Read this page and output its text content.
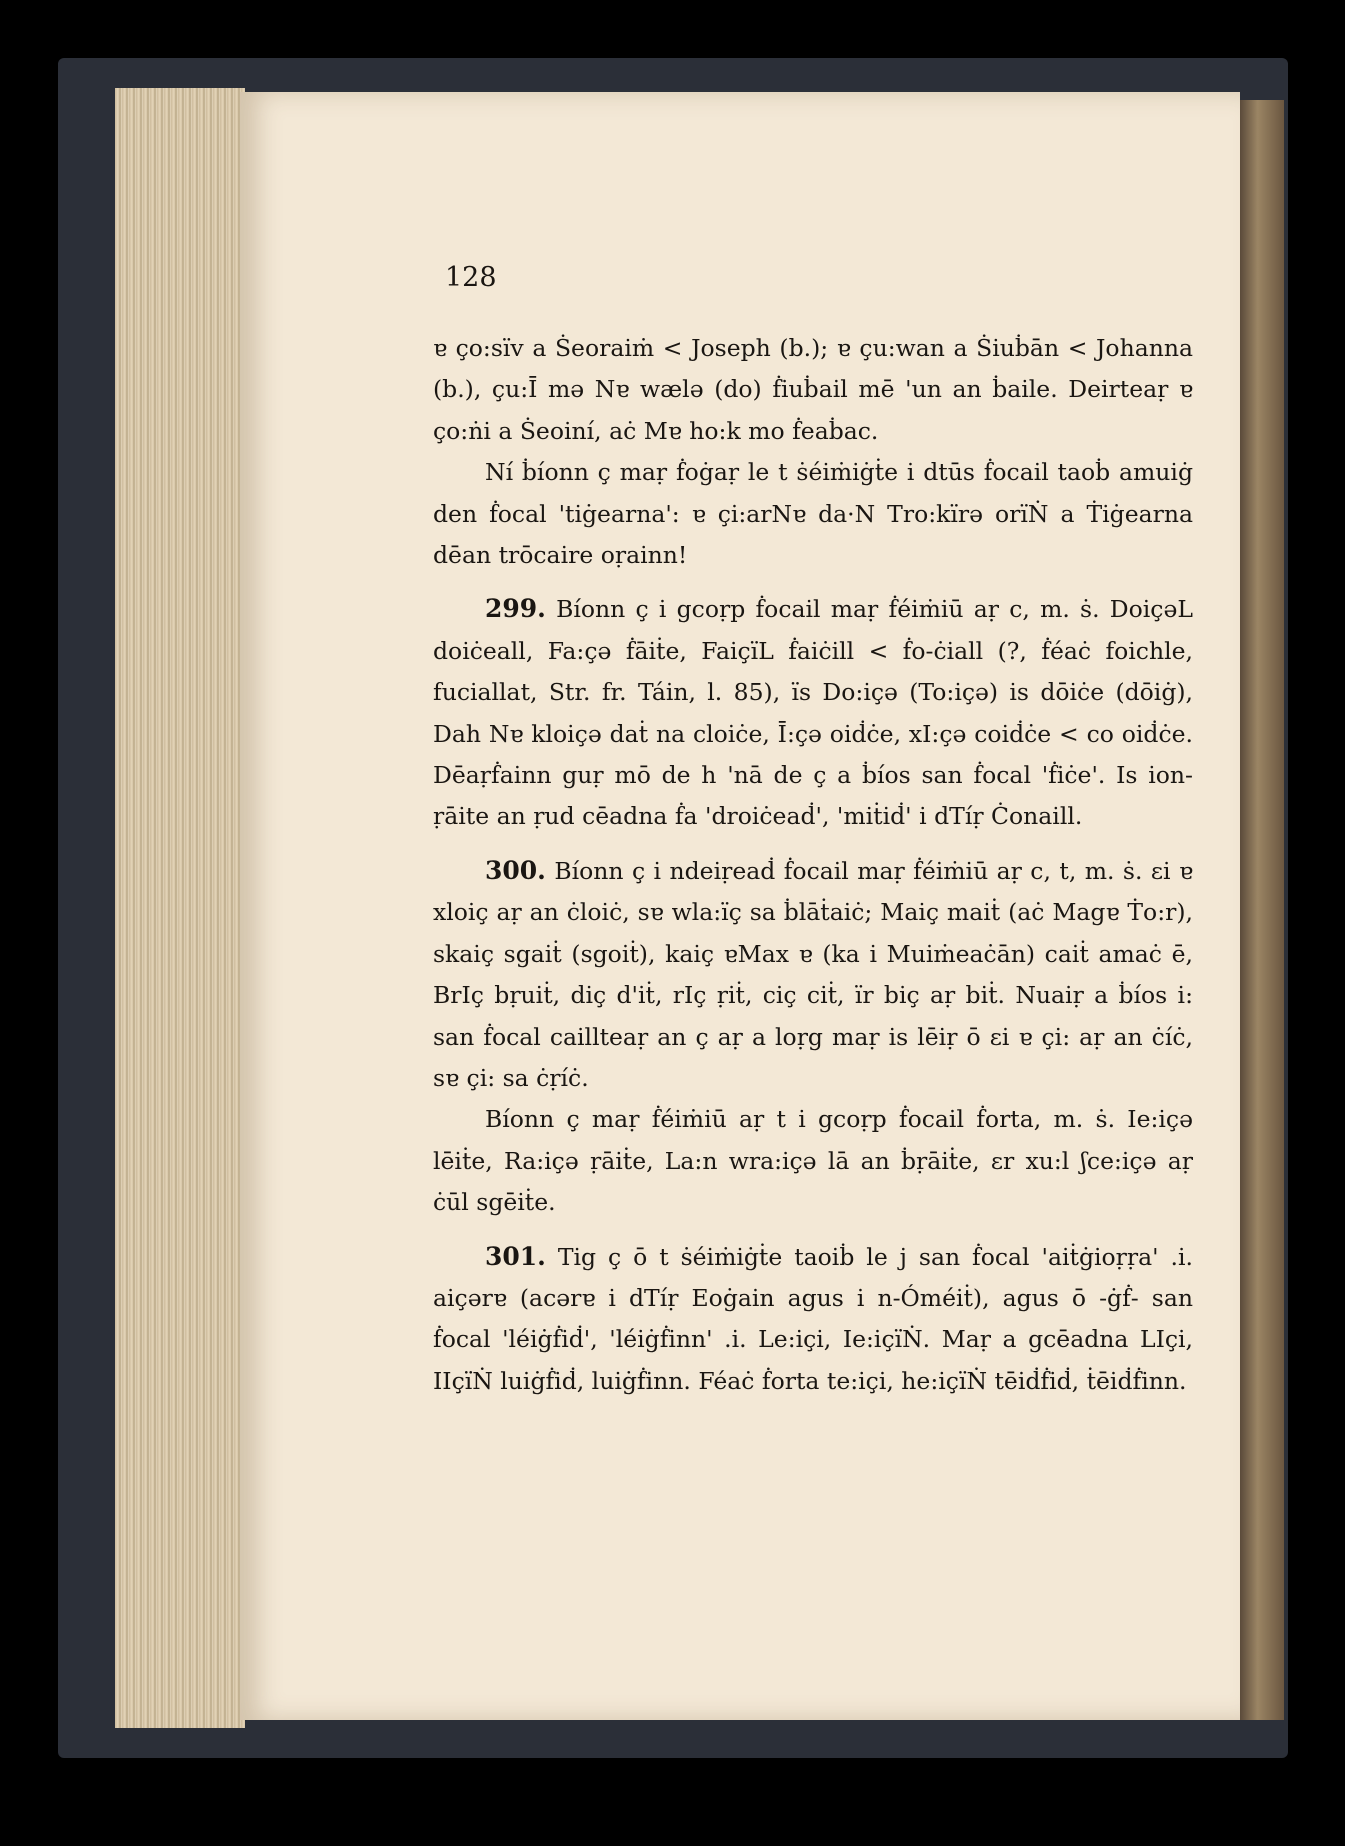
128

ɐ ço:sïv a Ṡeoraiṁ < Joseph (b.); ɐ çu:wan a Ṡiuḃān < Johanna (b.), çu:Ī mə Nɐ wælə (do) ḟiuḃail mē 'un an ḃaile. Deirteaṛ ɐ ço:ṅi a Ṡeoiní, aċ Mɐ ho:k mo ḟeaḃac.

Ní ḃíonn ç maṛ ḟoġaṛ le t ṡéiṁiġṫe i dtūs ḟocail taoḃ amuiġ den ḟocal 'tiġearna': ɐ çi:arNɐ da·N Tro:kïrə orïṄ a Ṫiġearna dēan trōcaire oṛainn!

299. Bíonn ç i gcoṛp ḟocail maṛ ḟéiṁiū aṛ c, m. ṡ. DoiçəL doiċeall, Fa:çə ḟāiṫe, FaiçïL ḟaiċill < ḟo-ċiall (?, ḟéaċ foichle, fuciallat, Str. fr. Táin, l. 85), ïs Do:içə (To:içə) is dōiċe (dōiġ), Dah Nɐ kloiçə daṫ na cloiċe, Ī:çə oiḋċe, xI:çə coiḋċe < co oiḋċe. Dēaṛḟainn guṛ mō de h 'nā de ç a ḃíos san ḟocal 'ḟiċe'. Is ion-ṛāite an ṛud cēadna ḟa 'droiċeaḋ', 'miṫiḋ' i dTíṛ Ċonaill.

300. Bíonn ç i ndeiṛeaḋ ḟocail maṛ ḟéiṁiū aṛ c, t, m. ṡ. ɛi ɐ xloiç aṛ an ċloiċ, sɐ wla:ïç sa ḃlāṫaiċ; Maiç maiṫ (aċ Magɐ Ṫo:r), skaiç sgaiṫ (sgoiṫ), kaiç ɐMax ɐ (ka i Muiṁeaċān) caiṫ amaċ ē, BrIç bṛuiṫ, diç d'iṫ, rIç ṛiṫ, ciç ciṫ, ïr biç aṛ biṫ. Nuaiṛ a ḃíos i: san ḟocal caillteaṛ an ç aṛ a loṛg maṛ is lēiṛ ō ɛi ɐ çi: aṛ an ċíċ, sɐ çi: sa ċṛíċ.

Bíonn ç maṛ ḟéiṁiū aṛ t i gcoṛp ḟocail ḟorta, m. ṡ. Ie:içə lēiṫe, Ra:içə ṛāiṫe, La:n wra:içə lā an ḃṛāiṫe, ɛr xu:l ʃce:içə aṛ ċūl sgēiṫe.

301. Tig ç ō t ṡéiṁiġṫe taoiḃ le j san ḟocal 'aiṫġioṛṛa' .i. aiçərɐ (acərɐ i dTíṛ Eoġain agus i n-Óméiṫ), agus ō -ġḟ- san ḟocal 'léiġḟiḋ', 'léiġḟinn' .i. Le:içi, Ie:içïṄ. Maṛ a gcēadna LIçi, IIçïṄ luiġḟiḋ, luiġḟinn. Féaċ ḟorta te:içi, he:içïṄ tēiḋḟiḋ, ṫēiḋḟinn.
